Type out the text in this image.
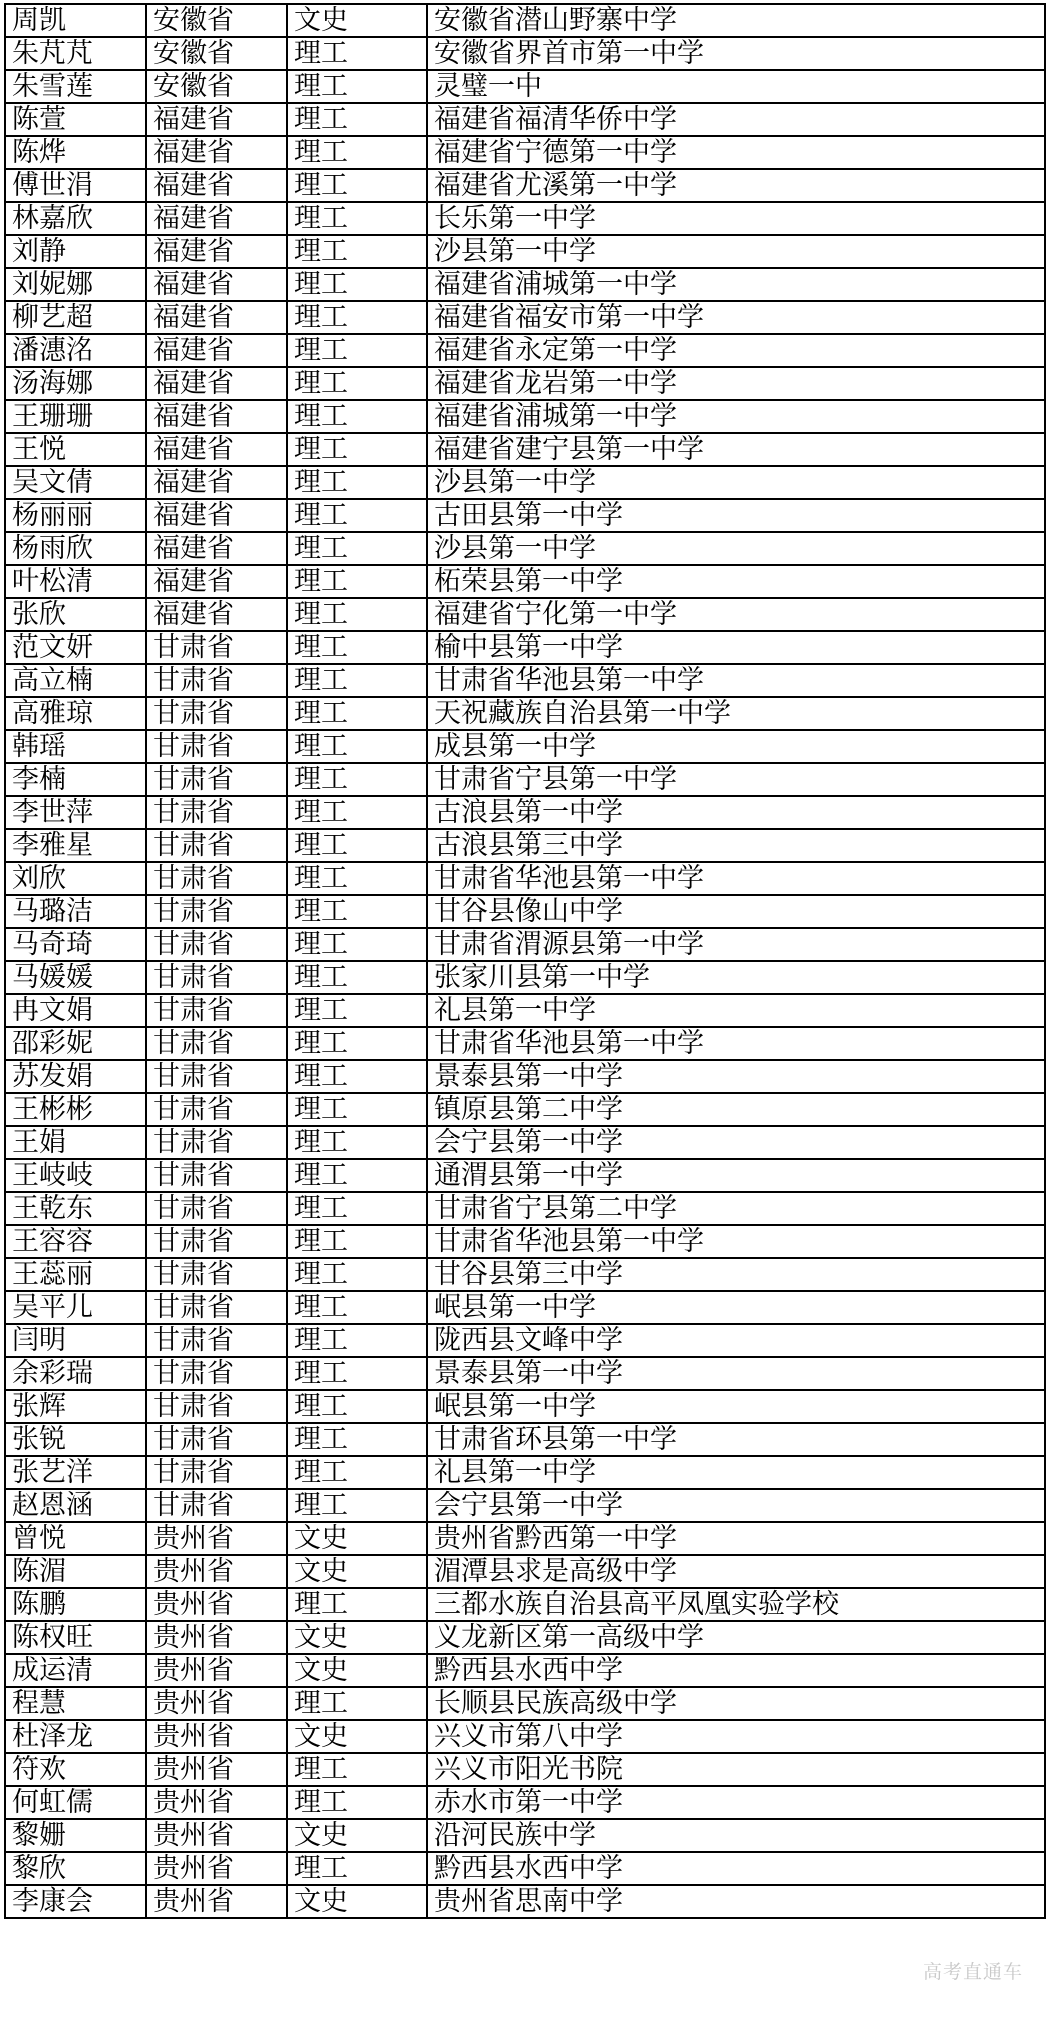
周凯	安徽省	文史	安徽省潜山野寨中学
朱芃芃	安徽省	理工	安徽省界首市第一中学
朱雪莲	安徽省	理工	灵璧一中
陈萱	福建省	理工	福建省福清华侨中学
陈烨	福建省	理工	福建省宁德第一中学
傅世涓	福建省	理工	福建省尤溪第一中学
林嘉欣	福建省	理工	长乐第一中学
刘静	福建省	理工	沙县第一中学
刘妮娜	福建省	理工	福建省浦城第一中学
柳艺超	福建省	理工	福建省福安市第一中学
潘潓洺	福建省	理工	福建省永定第一中学
汤海娜	福建省	理工	福建省龙岩第一中学
王珊珊	福建省	理工	福建省浦城第一中学
王悦	福建省	理工	福建省建宁县第一中学
吴文倩	福建省	理工	沙县第一中学
杨丽丽	福建省	理工	古田县第一中学
杨雨欣	福建省	理工	沙县第一中学
叶松清	福建省	理工	柘荣县第一中学
张欣	福建省	理工	福建省宁化第一中学
范文妍	甘肃省	理工	榆中县第一中学
高立楠	甘肃省	理工	甘肃省华池县第一中学
高雅琼	甘肃省	理工	天祝藏族自治县第一中学
韩瑶	甘肃省	理工	成县第一中学
李楠	甘肃省	理工	甘肃省宁县第一中学
李世萍	甘肃省	理工	古浪县第一中学
李雅星	甘肃省	理工	古浪县第三中学
刘欣	甘肃省	理工	甘肃省华池县第一中学
马璐洁	甘肃省	理工	甘谷县像山中学
马奇琦	甘肃省	理工	甘肃省渭源县第一中学
马媛媛	甘肃省	理工	张家川县第一中学
冉文娟	甘肃省	理工	礼县第一中学
邵彩妮	甘肃省	理工	甘肃省华池县第一中学
苏发娟	甘肃省	理工	景泰县第一中学
王彬彬	甘肃省	理工	镇原县第二中学
王娟	甘肃省	理工	会宁县第一中学
王岐岐	甘肃省	理工	通渭县第一中学
王乾东	甘肃省	理工	甘肃省宁县第二中学
王容容	甘肃省	理工	甘肃省华池县第一中学
王蕊丽	甘肃省	理工	甘谷县第三中学
吴平儿	甘肃省	理工	岷县第一中学
闫明	甘肃省	理工	陇西县文峰中学
余彩瑞	甘肃省	理工	景泰县第一中学
张辉	甘肃省	理工	岷县第一中学
张锐	甘肃省	理工	甘肃省环县第一中学
张艺洋	甘肃省	理工	礼县第一中学
赵恩涵	甘肃省	理工	会宁县第一中学
曾悦	贵州省	文史	贵州省黔西第一中学
陈湄	贵州省	文史	湄潭县求是高级中学
陈鹏	贵州省	理工	三都水族自治县高平凤凰实验学校
陈权旺	贵州省	文史	义龙新区第一高级中学
成运清	贵州省	文史	黔西县水西中学
程慧	贵州省	理工	长顺县民族高级中学
杜泽龙	贵州省	文史	兴义市第八中学
符欢	贵州省	理工	兴义市阳光书院
何虹儒	贵州省	理工	赤水市第一中学
黎姗	贵州省	文史	沿河民族中学
黎欣	贵州省	理工	黔西县水西中学
李康会	贵州省	文史	贵州省思南中学
高考直通车
